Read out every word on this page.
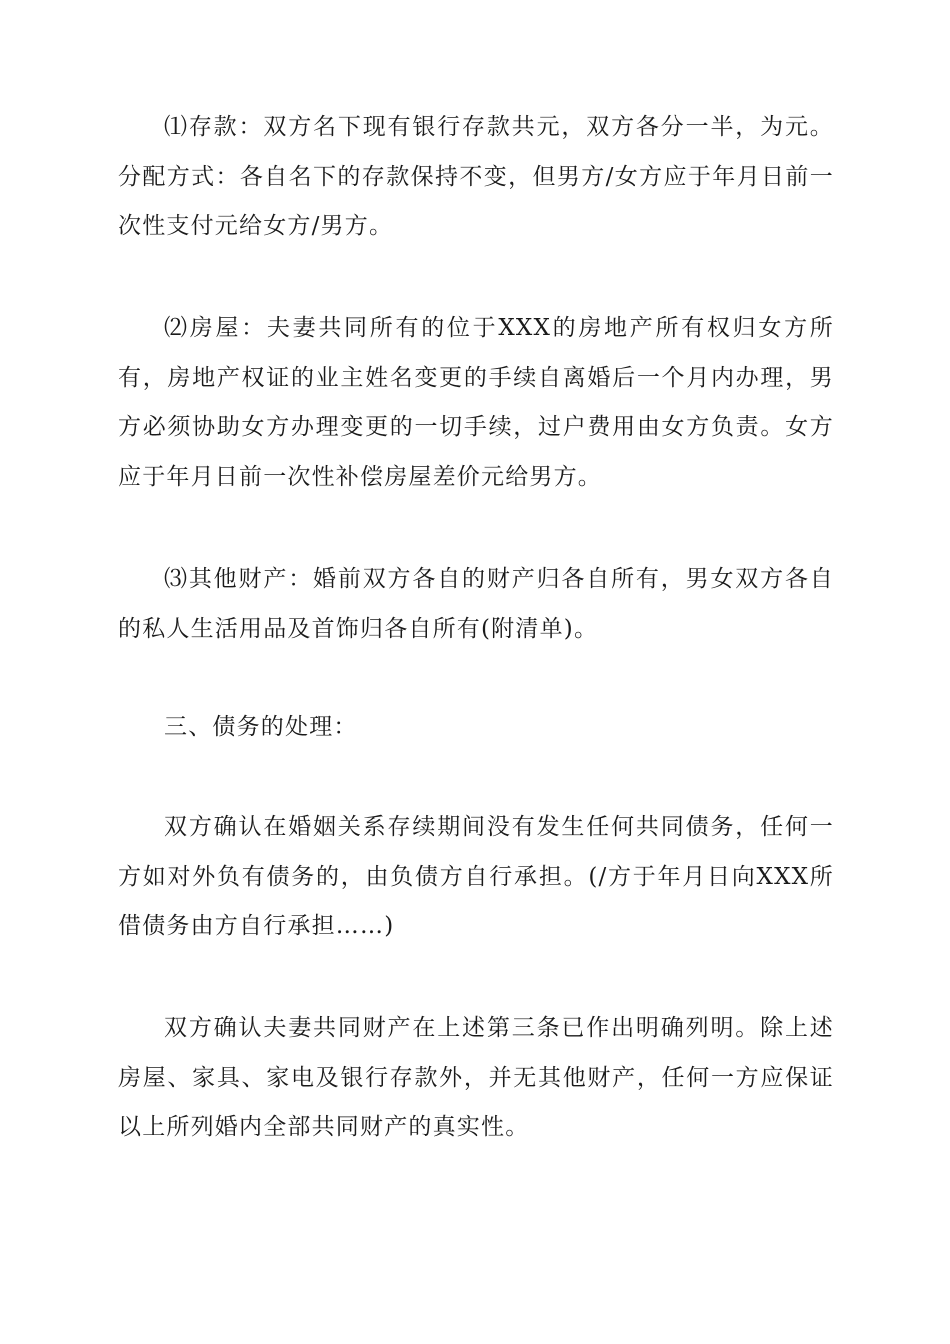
⑴存款：双方名下现有银行存款共元，双方各分一半，为元。分配方式：各自名下的存款保持不变，但男方/女方应于年月日前一次性支付元给女方/男方。

⑵房屋：夫妻共同所有的位于XXX的房地产所有权归女方所有，房地产权证的业主姓名变更的手续自离婚后一个月内办理，男方必须协助女方办理变更的一切手续，过户费用由女方负责。女方应于年月日前一次性补偿房屋差价元给男方。

⑶其他财产：婚前双方各自的财产归各自所有，男女双方各自的私人生活用品及首饰归各自所有(附清单)。

三、债务的处理：

双方确认在婚姻关系存续期间没有发生任何共同债务，任何一方如对外负有债务的，由负债方自行承担。(/方于年月日向XXX所借债务由方自行承担……)

双方确认夫妻共同财产在上述第三条已作出明确列明。除上述房屋、家具、家电及银行存款外，并无其他财产，任何一方应保证以上所列婚内全部共同财产的真实性。
